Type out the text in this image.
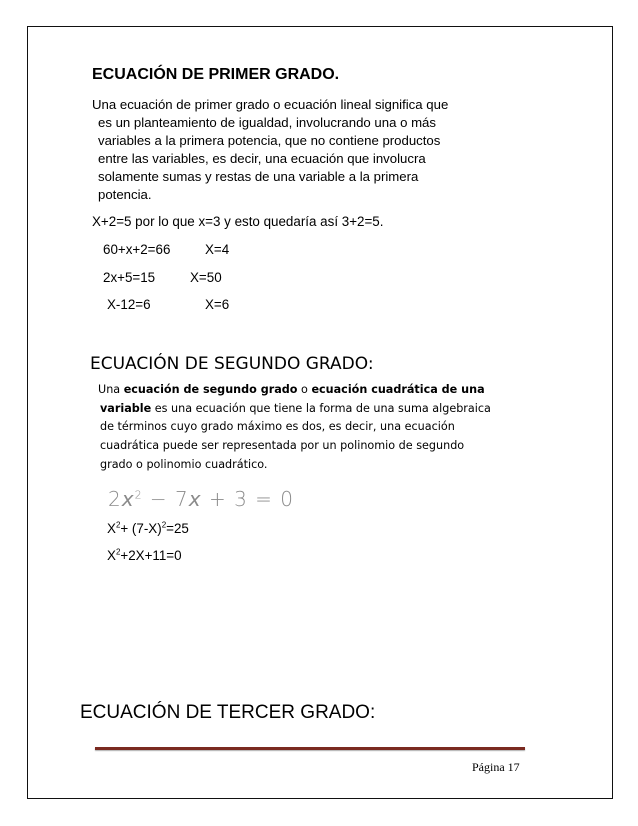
ECUACIÓN DE PRIMER GRADO.
Una ecuación de primer grado o ecuación lineal significa que
es un planteamiento de igualdad, involucrando una o más
variables a la primera potencia, que no contiene productos
entre las variables, es decir, una ecuación que involucra
solamente sumas y restas de una variable a la primera
potencia.
X+2=5 por lo que x=3 y esto quedaría así 3+2=5.
60+x+2=66	X=4
2x+5=15	X=50
X-12=6	X=6
ECUACIÓN DE SEGUNDO GRADO:
Una ecuación de segundo grado o ecuación cuadrática de una
variable es una ecuación que tiene la forma de una suma algebraica
de términos cuyo grado máximo es dos, es decir, una ecuación
cuadrática puede ser representada por un polinomio de segundo
grado o polinomio cuadrático.
$2x^2 - 7x + 3 = 0$
$X^2+ (7-X)^2=25$
$X^2+2X+11=0$
ECUACIÓN DE TERCER GRADO:
Página 17
